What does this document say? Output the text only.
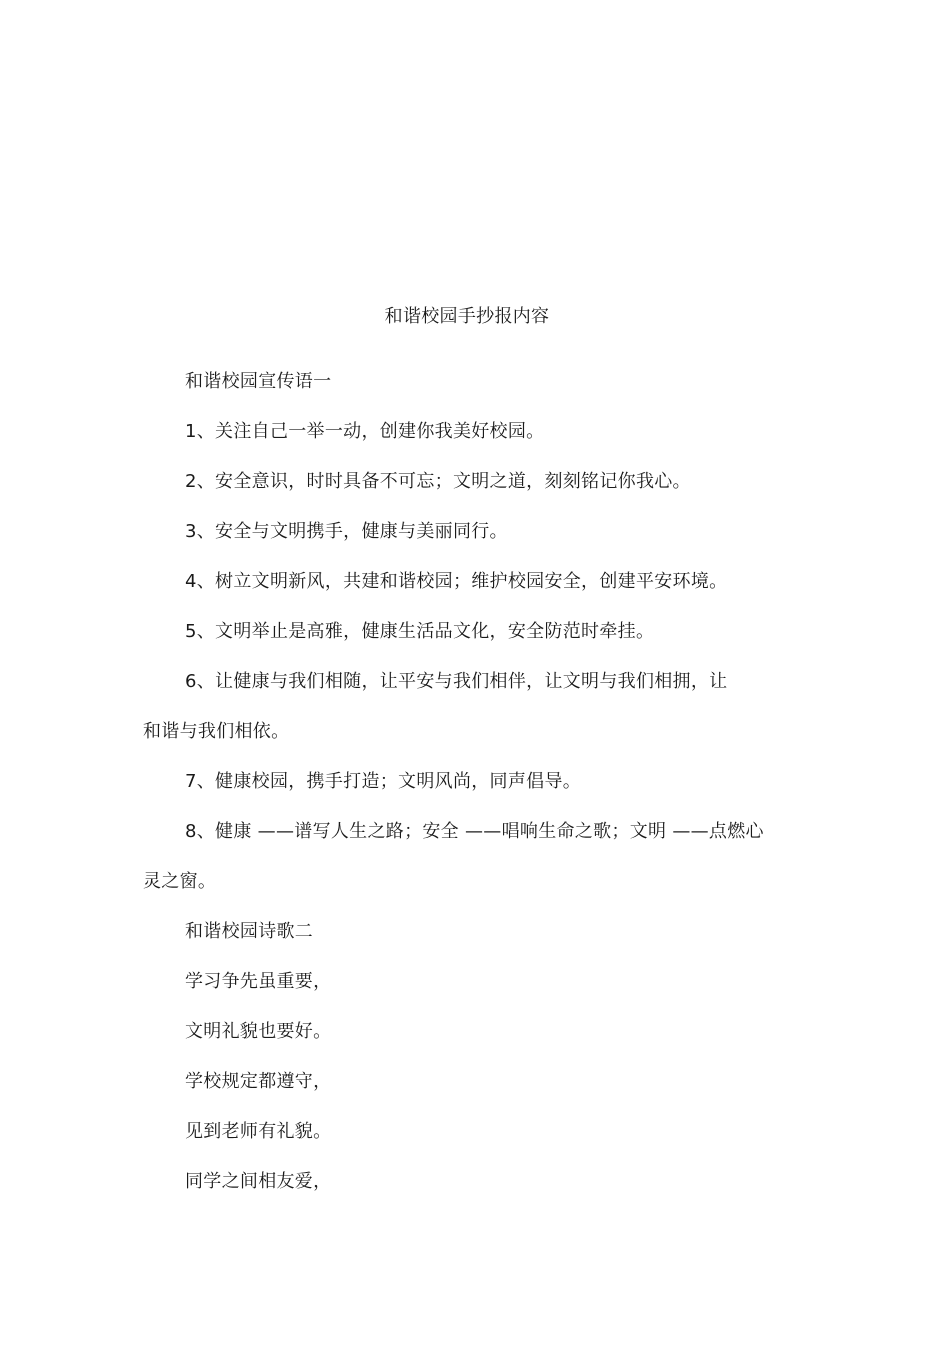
和谐校园手抄报内容
和谐校园宣传语一
1、关注自己一举一动，创建你我美好校园。
2、安全意识，时时具备不可忘；文明之道，刻刻铭记你我心。
3、安全与文明携手，健康与美丽同行。
4、树立文明新风，共建和谐校园；维护校园安全，创建平安环境。
5、文明举止是高雅，健康生活品文化，安全防范时牵挂。
6、让健康与我们相随，让平安与我们相伴，让文明与我们相拥，让
和谐与我们相依。
7、健康校园，携手打造；文明风尚，同声倡导。
8、健康 ——谱写人生之路；安全 ——唱响生命之歌；文明 ——点燃心
灵之窗。
和谐校园诗歌二
学习争先虽重要，
文明礼貌也要好。
学校规定都遵守，
见到老师有礼貌。
同学之间相友爱，
